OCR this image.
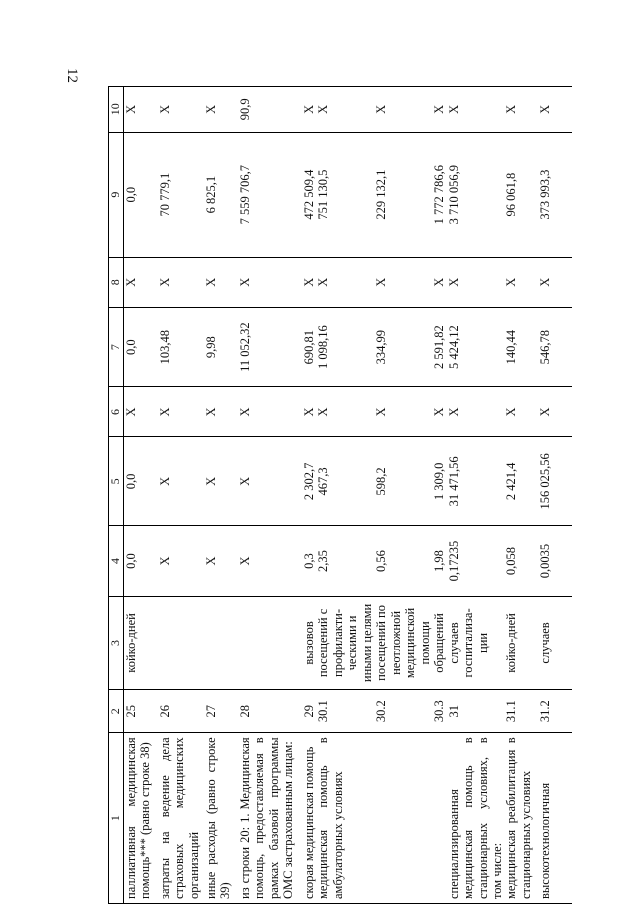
12
1	2	3	4	5	6	7	8	9	10

паллиативная медицинская помощь*** (равно строке 38)	25	койко-дней	0,0	0,0	X	0,0	X	0,0	X

затраты на ведение дела страховых медицинских организаций	26		X	X	X	103,48	X	70 779,1	X

иные расходы (равно строке 39)	27		X	X	X	9,98	X	6 825,1	X

из строки 20: 1. Медицинская помощь, предоставляемая в рамках базовой программы ОМС застрахованным лицам:	28		X	X	X	11 052,32	X	7 559 706,7	90,9

скорая медицинская помощь	29	вызовов	0,3	2 302,7	X	690,81	X	472 509,4	X

медицинская помощь в амбулаторных условиях	30.1	посещений с профилакти-ческими и иными целями	2,35	467,3	X	1 098,16	X	751 130,5	X

	30.2	посещений по неотложной медицинской помощи	0,56	598,2	X	334,99	X	229 132,1	X

	30.3	обращений	1,98	1 309,0	X	2 591,82	X	1 772 786,6	X

специализированная медицинская помощь в стационарных условиях, в том числе:	31	случаев госпитализа-ции	0,17235	31 471,56	X	5 424,12	X	3 710 056,9	X

медицинская реабилитация в стационарных условиях	31.1	койко-дней	0,058	2 421,4	X	140,44	X	96 061,8	X

высокотехнологичная	31.2	случаев	0,0035	156 025,56	X	546,78	X	373 993,3	X
